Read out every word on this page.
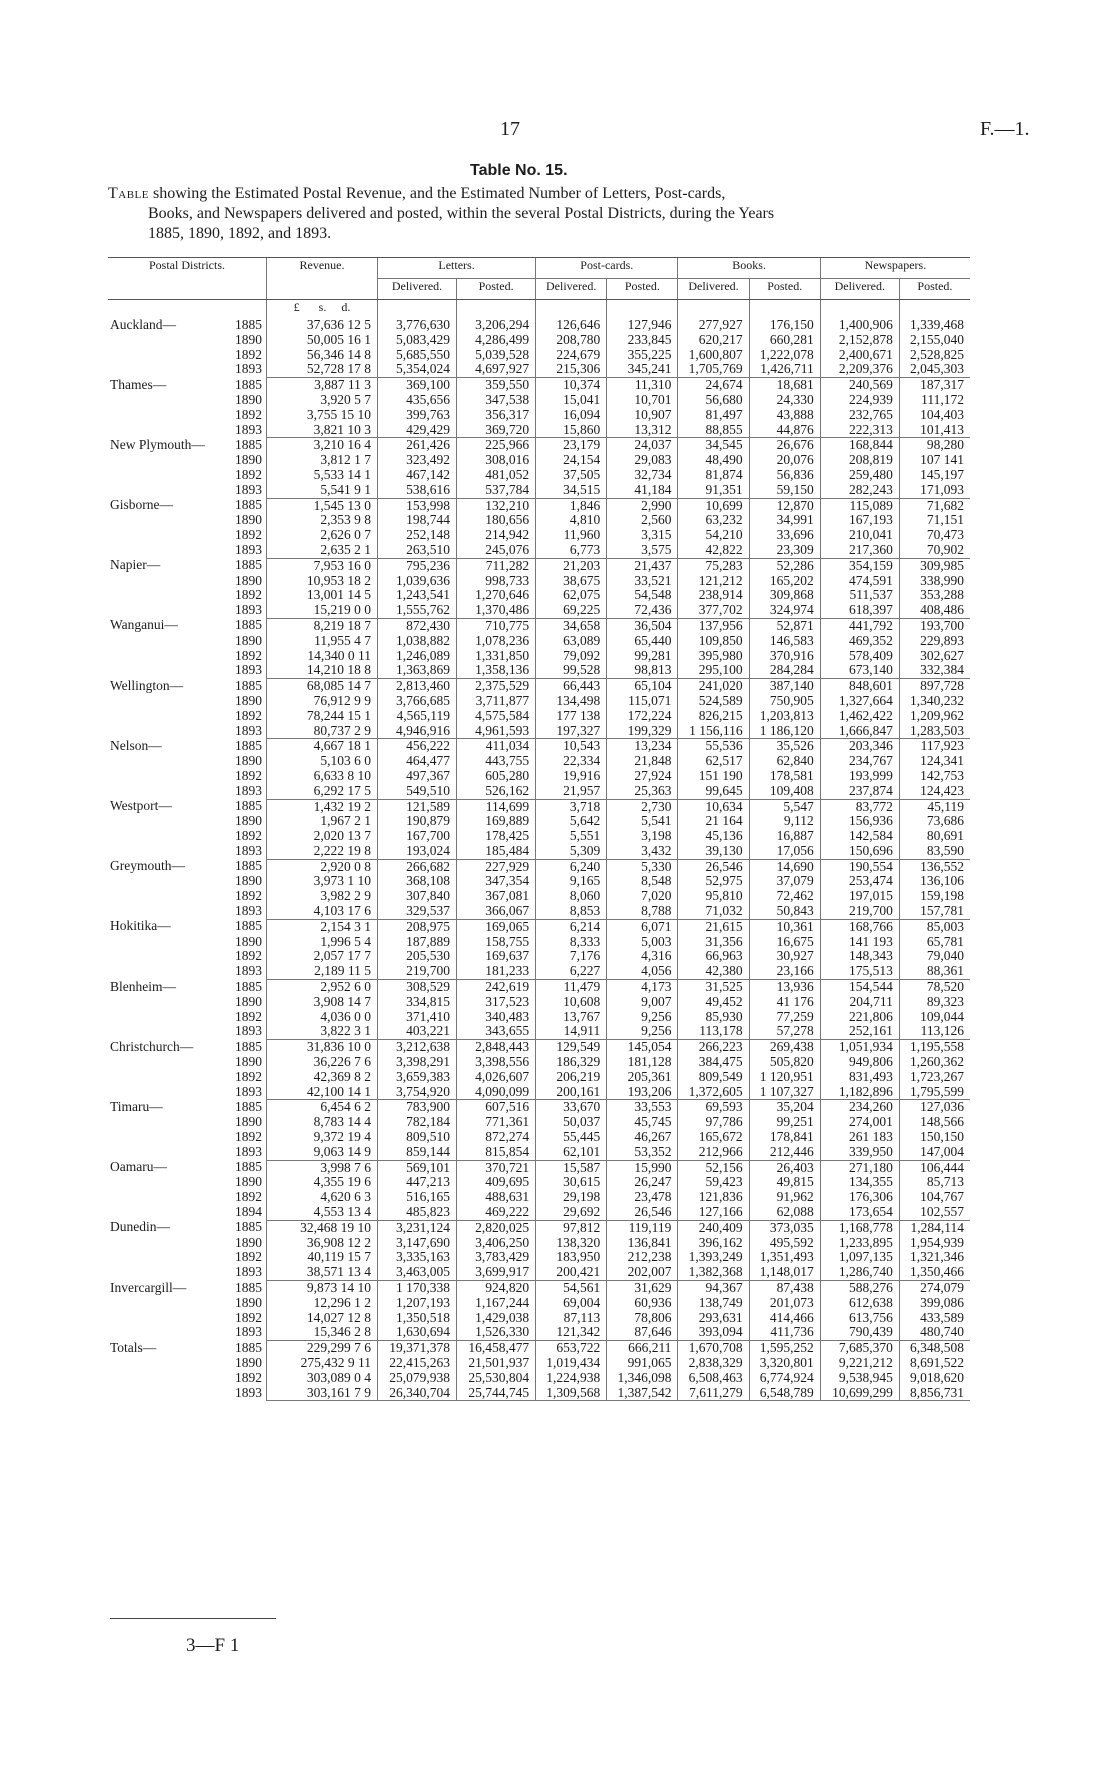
17	F.—1.
Table No. 15.
Table showing the Estimated Postal Revenue, and the Estimated Number of Letters, Post-cards,
Books, and Newspapers delivered and posted, within the several Postal Districts, during the Years
1885, 1890, 1892, and 1893.
Postal Districts.		Revenue.	Letters.		Post-cards.		Books.		Newspapers.	
			Delivered.	Posted.	Delivered.	Posted.	Delivered.	Posted.	Delivered.	Posted.
		£ s. d.								
Auckland—	1885	37,636 12 5	3,776,630	3,206,294	126,646	127,946	277,927	176,150	1,400,906	1,339,468
	1890	50,005 16 1	5,083,429	4,286,499	208,780	233,845	620,217	660,281	2,152,878	2,155,040
	1892	56,346 14 8	5,685,550	5,039,528	224,679	355,225	1,600,807	1,222,078	2,400,671	2,528,825
	1893	52,728 17 8	5,354,024	4,697,927	215,306	345,241	1,705,769	1,426,711	2,209,376	2,045,303
Thames—	1885	3,887 11 3	369,100	359,550	10,374	11,310	24,674	18,681	240,569	187,317
	1890	3,920 5 7	435,656	347,538	15,041	10,701	56,680	24,330	224,939	111,172
	1892	3,755 15 10	399,763	356,317	16,094	10,907	81,497	43,888	232,765	104,403
	1893	3,821 10 3	429,429	369,720	15,860	13,312	88,855	44,876	222,313	101,413
New Plymouth—	1885	3,210 16 4	261,426	225,966	23,179	24,037	34,545	26,676	168,844	98,280
	1890	3,812 1 7	323,492	308,016	24,154	29,083	48,490	20,076	208,819	107 141
	1892	5,533 14 1	467,142	481,052	37,505	32,734	81,874	56,836	259,480	145,197
	1893	5,541 9 1	538,616	537,784	34,515	41,184	91,351	59,150	282,243	171,093
Gisborne—	1885	1,545 13 0	153,998	132,210	1,846	2,990	10,699	12,870	115,089	71,682
	1890	2,353 9 8	198,744	180,656	4,810	2,560	63,232	34,991	167,193	71,151
	1892	2,626 0 7	252,148	214,942	11,960	3,315	54,210	33,696	210,041	70,473
	1893	2,635 2 1	263,510	245,076	6,773	3,575	42,822	23,309	217,360	70,902
Napier—	1885	7,953 16 0	795,236	711,282	21,203	21,437	75,283	52,286	354,159	309,985
	1890	10,953 18 2	1,039,636	998,733	38,675	33,521	121,212	165,202	474,591	338,990
	1892	13,001 14 5	1,243,541	1,270,646	62,075	54,548	238,914	309,868	511,537	353,288
	1893	15,219 0 0	1,555,762	1,370,486	69,225	72,436	377,702	324,974	618,397	408,486
Wanganui—	1885	8,219 18 7	872,430	710,775	34,658	36,504	137,956	52,871	441,792	193,700
	1890	11,955 4 7	1,038,882	1,078,236	63,089	65,440	109,850	146,583	469,352	229,893
	1892	14,340 0 11	1,246,089	1,331,850	79,092	99,281	395,980	370,916	578,409	302,627
	1893	14,210 18 8	1,363,869	1,358,136	99,528	98,813	295,100	284,284	673,140	332,384
Wellington—	1885	68,085 14 7	2,813,460	2,375,529	66,443	65,104	241,020	387,140	848,601	897,728
	1890	76,912 9 9	3,766,685	3,711,877	134,498	115,071	524,589	750,905	1,327,664	1,340,232
	1892	78,244 15 1	4,565,119	4,575,584	177 138	172,224	826,215	1,203,813	1,462,422	1,209,962
	1893	80,737 2 9	4,946,916	4,961,593	197,327	199,329	1 156,116	1 186,120	1,666,847	1,283,503
Nelson—	1885	4,667 18 1	456,222	411,034	10,543	13,234	55,536	35,526	203,346	117,923
	1890	5,103 6 0	464,477	443,755	22,334	21,848	62,517	62,840	234,767	124,341
	1892	6,633 8 10	497,367	605,280	19,916	27,924	151 190	178,581	193,999	142,753
	1893	6,292 17 5	549,510	526,162	21,957	25,363	99,645	109,408	237,874	124,423
Westport—	1885	1,432 19 2	121,589	114,699	3,718	2,730	10,634	5,547	83,772	45,119
	1890	1,967 2 1	190,879	169,889	5,642	5,541	21 164	9,112	156,936	73,686
	1892	2,020 13 7	167,700	178,425	5,551	3,198	45,136	16,887	142,584	80,691
	1893	2,222 19 8	193,024	185,484	5,309	3,432	39,130	17,056	150,696	83,590
Greymouth—	1885	2,920 0 8	266,682	227,929	6,240	5,330	26,546	14,690	190,554	136,552
	1890	3,973 1 10	368,108	347,354	9,165	8,548	52,975	37,079	253,474	136,106
	1892	3,982 2 9	307,840	367,081	8,060	7,020	95,810	72,462	197,015	159,198
	1893	4,103 17 6	329,537	366,067	8,853	8,788	71,032	50,843	219,700	157,781
Hokitika—	1885	2,154 3 1	208,975	169,065	6,214	6,071	21,615	10,361	168,766	85,003
	1890	1,996 5 4	187,889	158,755	8,333	5,003	31,356	16,675	141 193	65,781
	1892	2,057 17 7	205,530	169,637	7,176	4,316	66,963	30,927	148,343	79,040
	1893	2,189 11 5	219,700	181,233	6,227	4,056	42,380	23,166	175,513	88,361
Blenheim—	1885	2,952 6 0	308,529	242,619	11,479	4,173	31,525	13,936	154,544	78,520
	1890	3,908 14 7	334,815	317,523	10,608	9,007	49,452	41 176	204,711	89,323
	1892	4,036 0 0	371,410	340,483	13,767	9,256	85,930	77,259	221,806	109,044
	1893	3,822 3 1	403,221	343,655	14,911	9,256	113,178	57,278	252,161	113,126
Christchurch—	1885	31,836 10 0	3,212,638	2,848,443	129,549	145,054	266,223	269,438	1,051,934	1,195,558
	1890	36,226 7 6	3,398,291	3,398,556	186,329	181,128	384,475	505,820	949,806	1,260,362
	1892	42,369 8 2	3,659,383	4,026,607	206,219	205,361	809,549	1 120,951	831,493	1,723,267
	1893	42,100 14 1	3,754,920	4,090,099	200,161	193,206	1,372,605	1 107,327	1,182,896	1,795,599
Timaru—	1885	6,454 6 2	783,900	607,516	33,670	33,553	69,593	35,204	234,260	127,036
	1890	8,783 14 4	782,184	771,361	50,037	45,745	97,786	99,251	274,001	148,566
	1892	9,372 19 4	809,510	872,274	55,445	46,267	165,672	178,841	261 183	150,150
	1893	9,063 14 9	859,144	815,854	62,101	53,352	212,966	212,446	339,950	147,004
Oamaru—	1885	3,998 7 6	569,101	370,721	15,587	15,990	52,156	26,403	271,180	106,444
	1890	4,355 19 6	447,213	409,695	30,615	26,247	59,423	49,815	134,355	85,713
	1892	4,620 6 3	516,165	488,631	29,198	23,478	121,836	91,962	176,306	104,767
	1894	4,553 13 4	485,823	469,222	29,692	26,546	127,166	62,088	173,654	102,557
Dunedin—	1885	32,468 19 10	3,231,124	2,820,025	97,812	119,119	240,409	373,035	1,168,778	1,284,114
	1890	36,908 12 2	3,147,690	3,406,250	138,320	136,841	396,162	495,592	1,233,895	1,954,939
	1892	40,119 15 7	3,335,163	3,783,429	183,950	212,238	1,393,249	1,351,493	1,097,135	1,321,346
	1893	38,571 13 4	3,463,005	3,699,917	200,421	202,007	1,382,368	1,148,017	1,286,740	1,350,466
Invercargill—	1885	9,873 14 10	1 170,338	924,820	54,561	31,629	94,367	87,438	588,276	274,079
	1890	12,296 1 2	1,207,193	1,167,244	69,004	60,936	138,749	201,073	612,638	399,086
	1892	14,027 12 8	1,350,518	1,429,038	87,113	78,806	293,631	414,466	613,756	433,589
	1893	15,346 2 8	1,630,694	1,526,330	121,342	87,646	393,094	411,736	790,439	480,740
Totals—	1885	229,299 7 6	19,371,378	16,458,477	653,722	666,211	1,670,708	1,595,252	7,685,370	6,348,508
	1890	275,432 9 11	22,415,263	21,501,937	1,019,434	991,065	2,838,329	3,320,801	9,221,212	8,691,522
	1892	303,089 0 4	25,079,938	25,530,804	1,224,938	1,346,098	6,508,463	6,774,924	9,538,945	9,018,620
	1893	303,161 7 9	26,340,704	25,744,745	1,309,568	1,387,542	7,611,279	6,548,789	10,699,299	8,856,731
3—F 1
